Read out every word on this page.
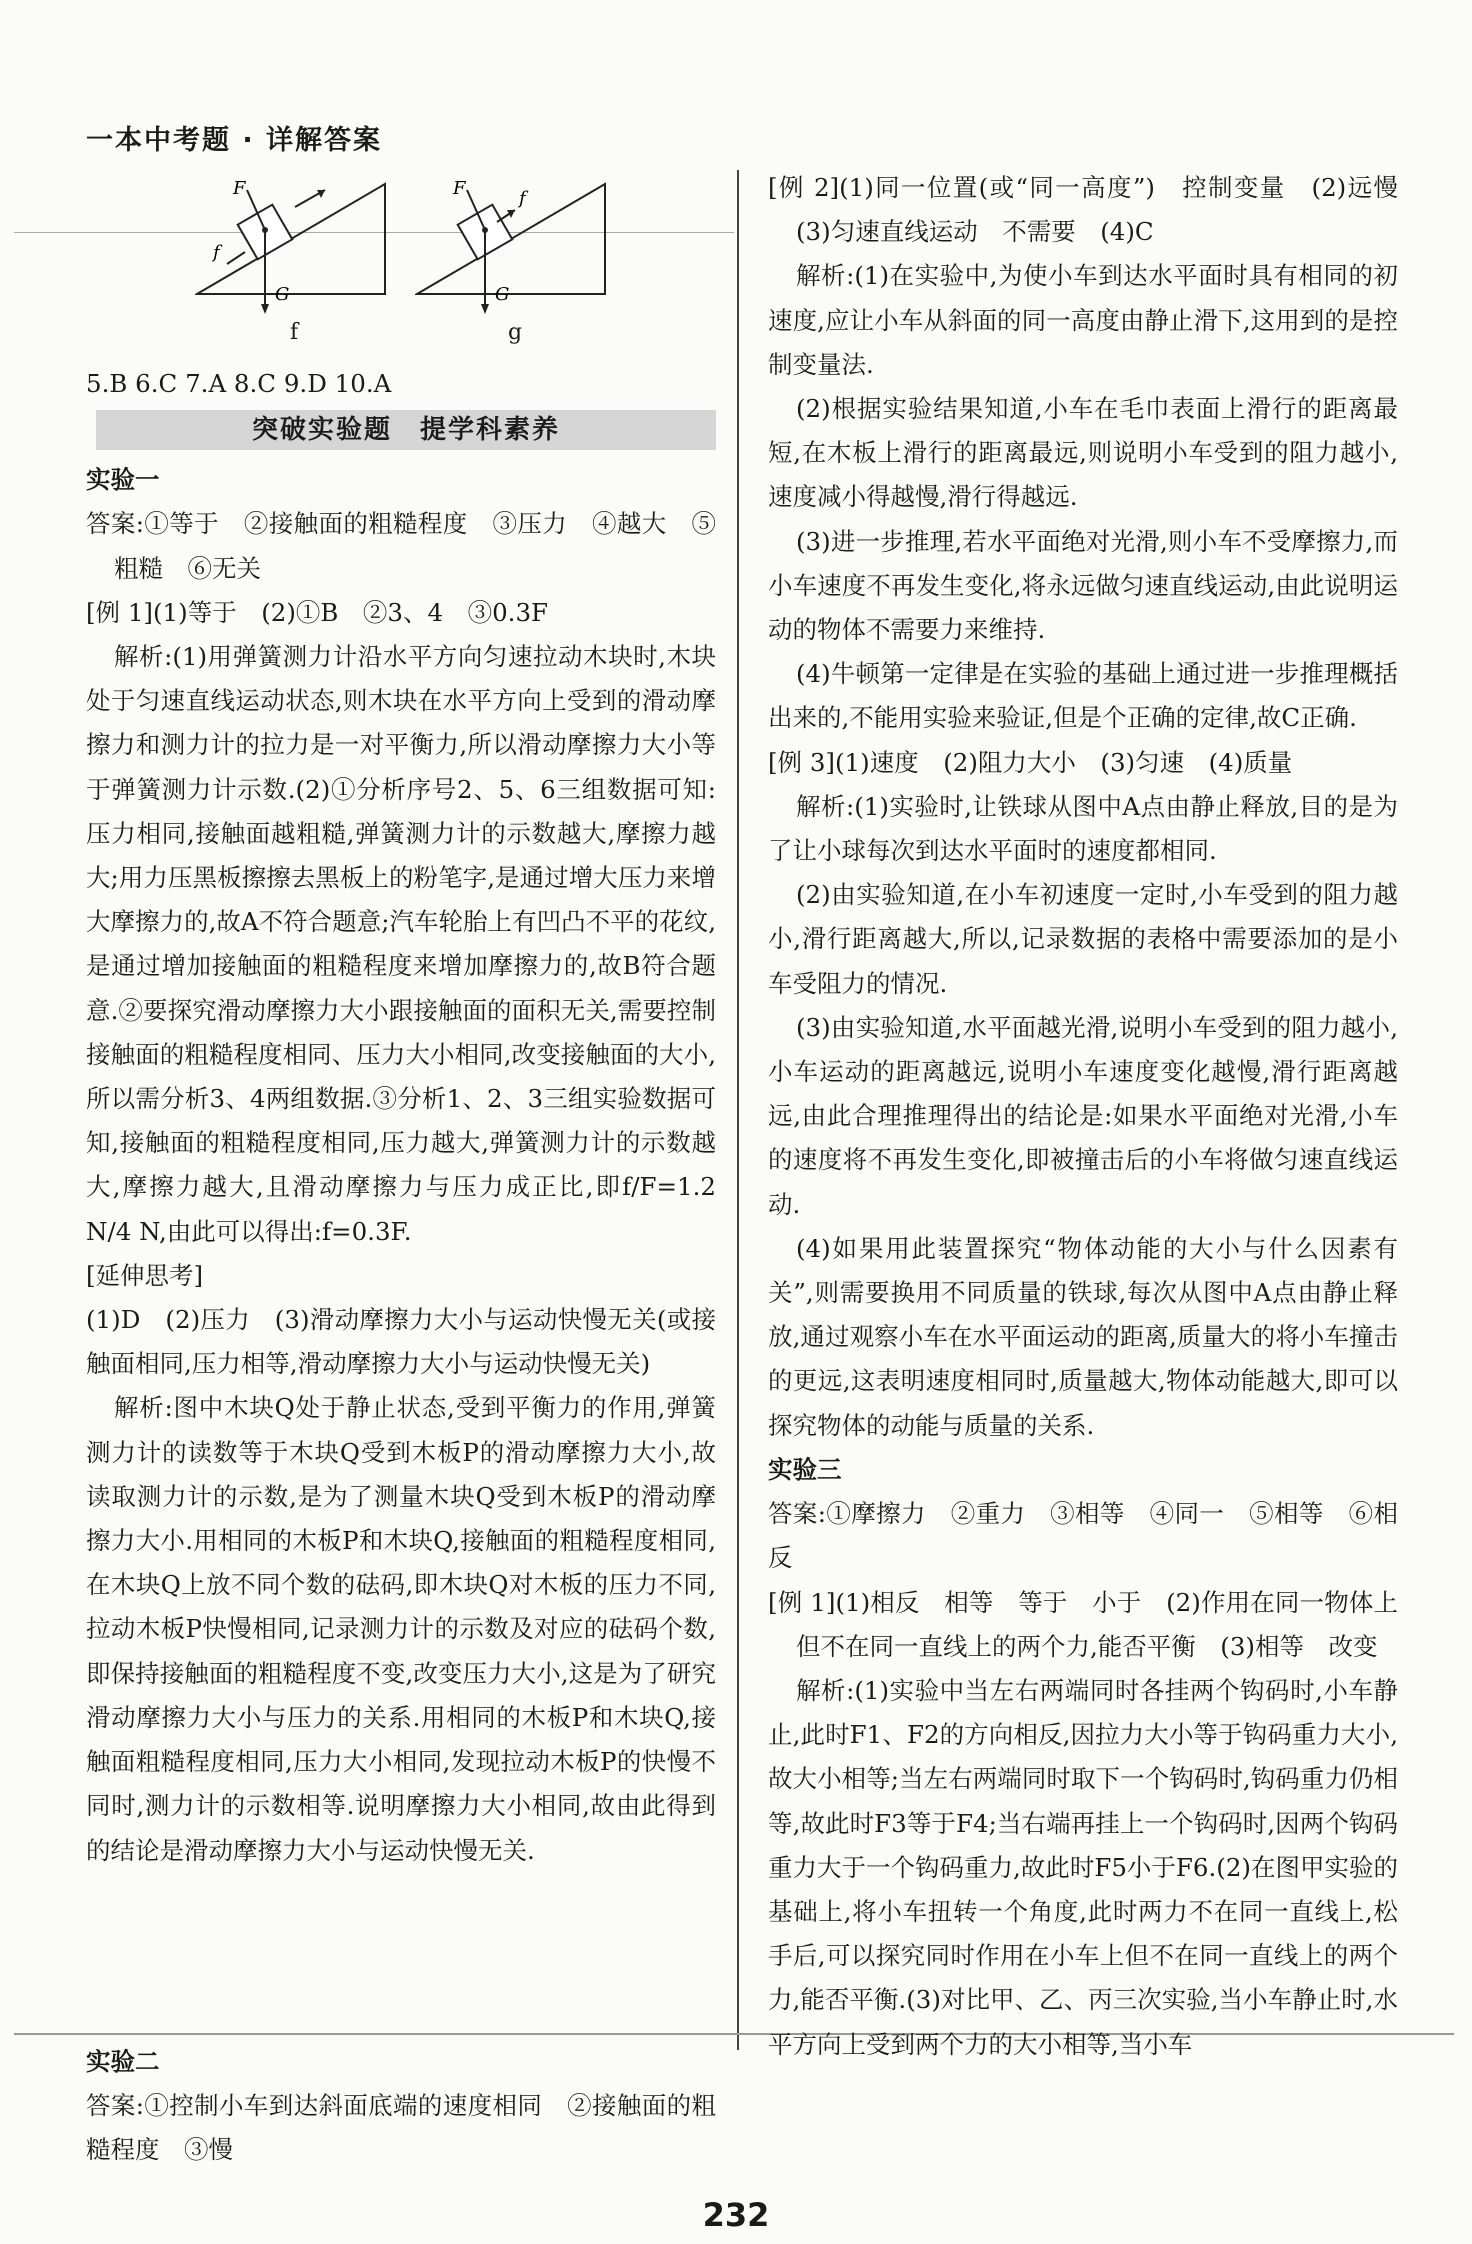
一本中考题 · 详解答案
F
f
G
f
F	f
G
g

5.B 6.C 7.A 8.C 9.D 10.A

突破实验题　提学科素养

实验一

答案:①等于　②接触面的粗糙程度　③压力　④越大　⑤粗糙　⑥无关

[例 1](1)等于　(2)①B　②3、4　③0.3F

解析:(1)用弹簧测力计沿水平方向匀速拉动木块时,木块处于匀速直线运动状态,则木块在水平方向上受到的滑动摩擦力和测力计的拉力是一对平衡力,所以滑动摩擦力大小等于弹簧测力计示数.(2)①分析序号2、5、6三组数据可知:压力相同,接触面越粗糙,弹簧测力计的示数越大,摩擦力越大;用力压黑板擦擦去黑板上的粉笔字,是通过增大压力来增大摩擦力的,故A不符合题意;汽车轮胎上有凹凸不平的花纹,是通过增加接触面的粗糙程度来增加摩擦力的,故B符合题意.②要探究滑动摩擦力大小跟接触面的面积无关,需要控制接触面的粗糙程度相同、压力大小相同,改变接触面的大小,所以需分析3、4两组数据.③分析1、2、3三组实验数据可知,接触面的粗糙程度相同,压力越大,弹簧测力计的示数越大,摩擦力越大,且滑动摩擦力与压力成正比,即f/F=1.2 N/4 N,由此可以得出:f=0.3F.

[延伸思考]

(1)D　(2)压力　(3)滑动摩擦力大小与运动快慢无关(或接触面相同,压力相等,滑动摩擦力大小与运动快慢无关)

解析:图中木块Q处于静止状态,受到平衡力的作用,弹簧测力计的读数等于木块Q受到木板P的滑动摩擦力大小,故读取测力计的示数,是为了测量木块Q受到木板P的滑动摩擦力大小.用相同的木板P和木块Q,接触面的粗糙程度相同,在木块Q上放不同个数的砝码,即木块Q对木板的压力不同,拉动木板P快慢相同,记录测力计的示数及对应的砝码个数,即保持接触面的粗糙程度不变,改变压力大小,这是为了研究滑动摩擦力大小与压力的关系.用相同的木板P和木块Q,接触面粗糙程度相同,压力大小相同,发现拉动木板P的快慢不同时,测力计的示数相等.说明摩擦力大小相同,故由此得到的结论是滑动摩擦力大小与运动快慢无关.

实验二

答案:①控制小车到达斜面底端的速度相同　②接触面的粗糙程度　③慢

[例 2](1)同一位置(或“同一高度”)　控制变量　(2)远慢　(3)匀速直线运动　不需要　(4)C

解析:(1)在实验中,为使小车到达水平面时具有相同的初速度,应让小车从斜面的同一高度由静止滑下,这用到的是控制变量法.

(2)根据实验结果知道,小车在毛巾表面上滑行的距离最短,在木板上滑行的距离最远,则说明小车受到的阻力越小,速度减小得越慢,滑行得越远.

(3)进一步推理,若水平面绝对光滑,则小车不受摩擦力,而小车速度不再发生变化,将永远做匀速直线运动,由此说明运动的物体不需要力来维持.

(4)牛顿第一定律是在实验的基础上通过进一步推理概括出来的,不能用实验来验证,但是个正确的定律,故C正确.

[例 3](1)速度　(2)阻力大小　(3)匀速　(4)质量

解析:(1)实验时,让铁球从图中A点由静止释放,目的是为了让小球每次到达水平面时的速度都相同.

(2)由实验知道,在小车初速度一定时,小车受到的阻力越小,滑行距离越大,所以,记录数据的表格中需要添加的是小车受阻力的情况.

(3)由实验知道,水平面越光滑,说明小车受到的阻力越小,小车运动的距离越远,说明小车速度变化越慢,滑行距离越远,由此合理推理得出的结论是:如果水平面绝对光滑,小车的速度将不再发生变化,即被撞击后的小车将做匀速直线运动.

(4)如果用此装置探究“物体动能的大小与什么因素有关”,则需要换用不同质量的铁球,每次从图中A点由静止释放,通过观察小车在水平面运动的距离,质量大的将小车撞击的更远,这表明速度相同时,质量越大,物体动能越大,即可以探究物体的动能与质量的关系.

实验三

答案:①摩擦力　②重力　③相等　④同一　⑤相等　⑥相反

[例 1](1)相反　相等　等于　小于　(2)作用在同一物体上但不在同一直线上的两个力,能否平衡　(3)相等　改变

解析:(1)实验中当左右两端同时各挂两个钩码时,小车静止,此时F1、F2的方向相反,因拉力大小等于钩码重力大小,故大小相等;当左右两端同时取下一个钩码时,钩码重力仍相等,故此时F3等于F4;当右端再挂上一个钩码时,因两个钩码重力大于一个钩码重力,故此时F5小于F6.(2)在图甲实验的基础上,将小车扭转一个角度,此时两力不在同一直线上,松手后,可以探究同时作用在小车上但不在同一直线上的两个力,能否平衡.(3)对比甲、乙、丙三次实验,当小车静止时,水平方向上受到两个力的大小相等,当小车

232
